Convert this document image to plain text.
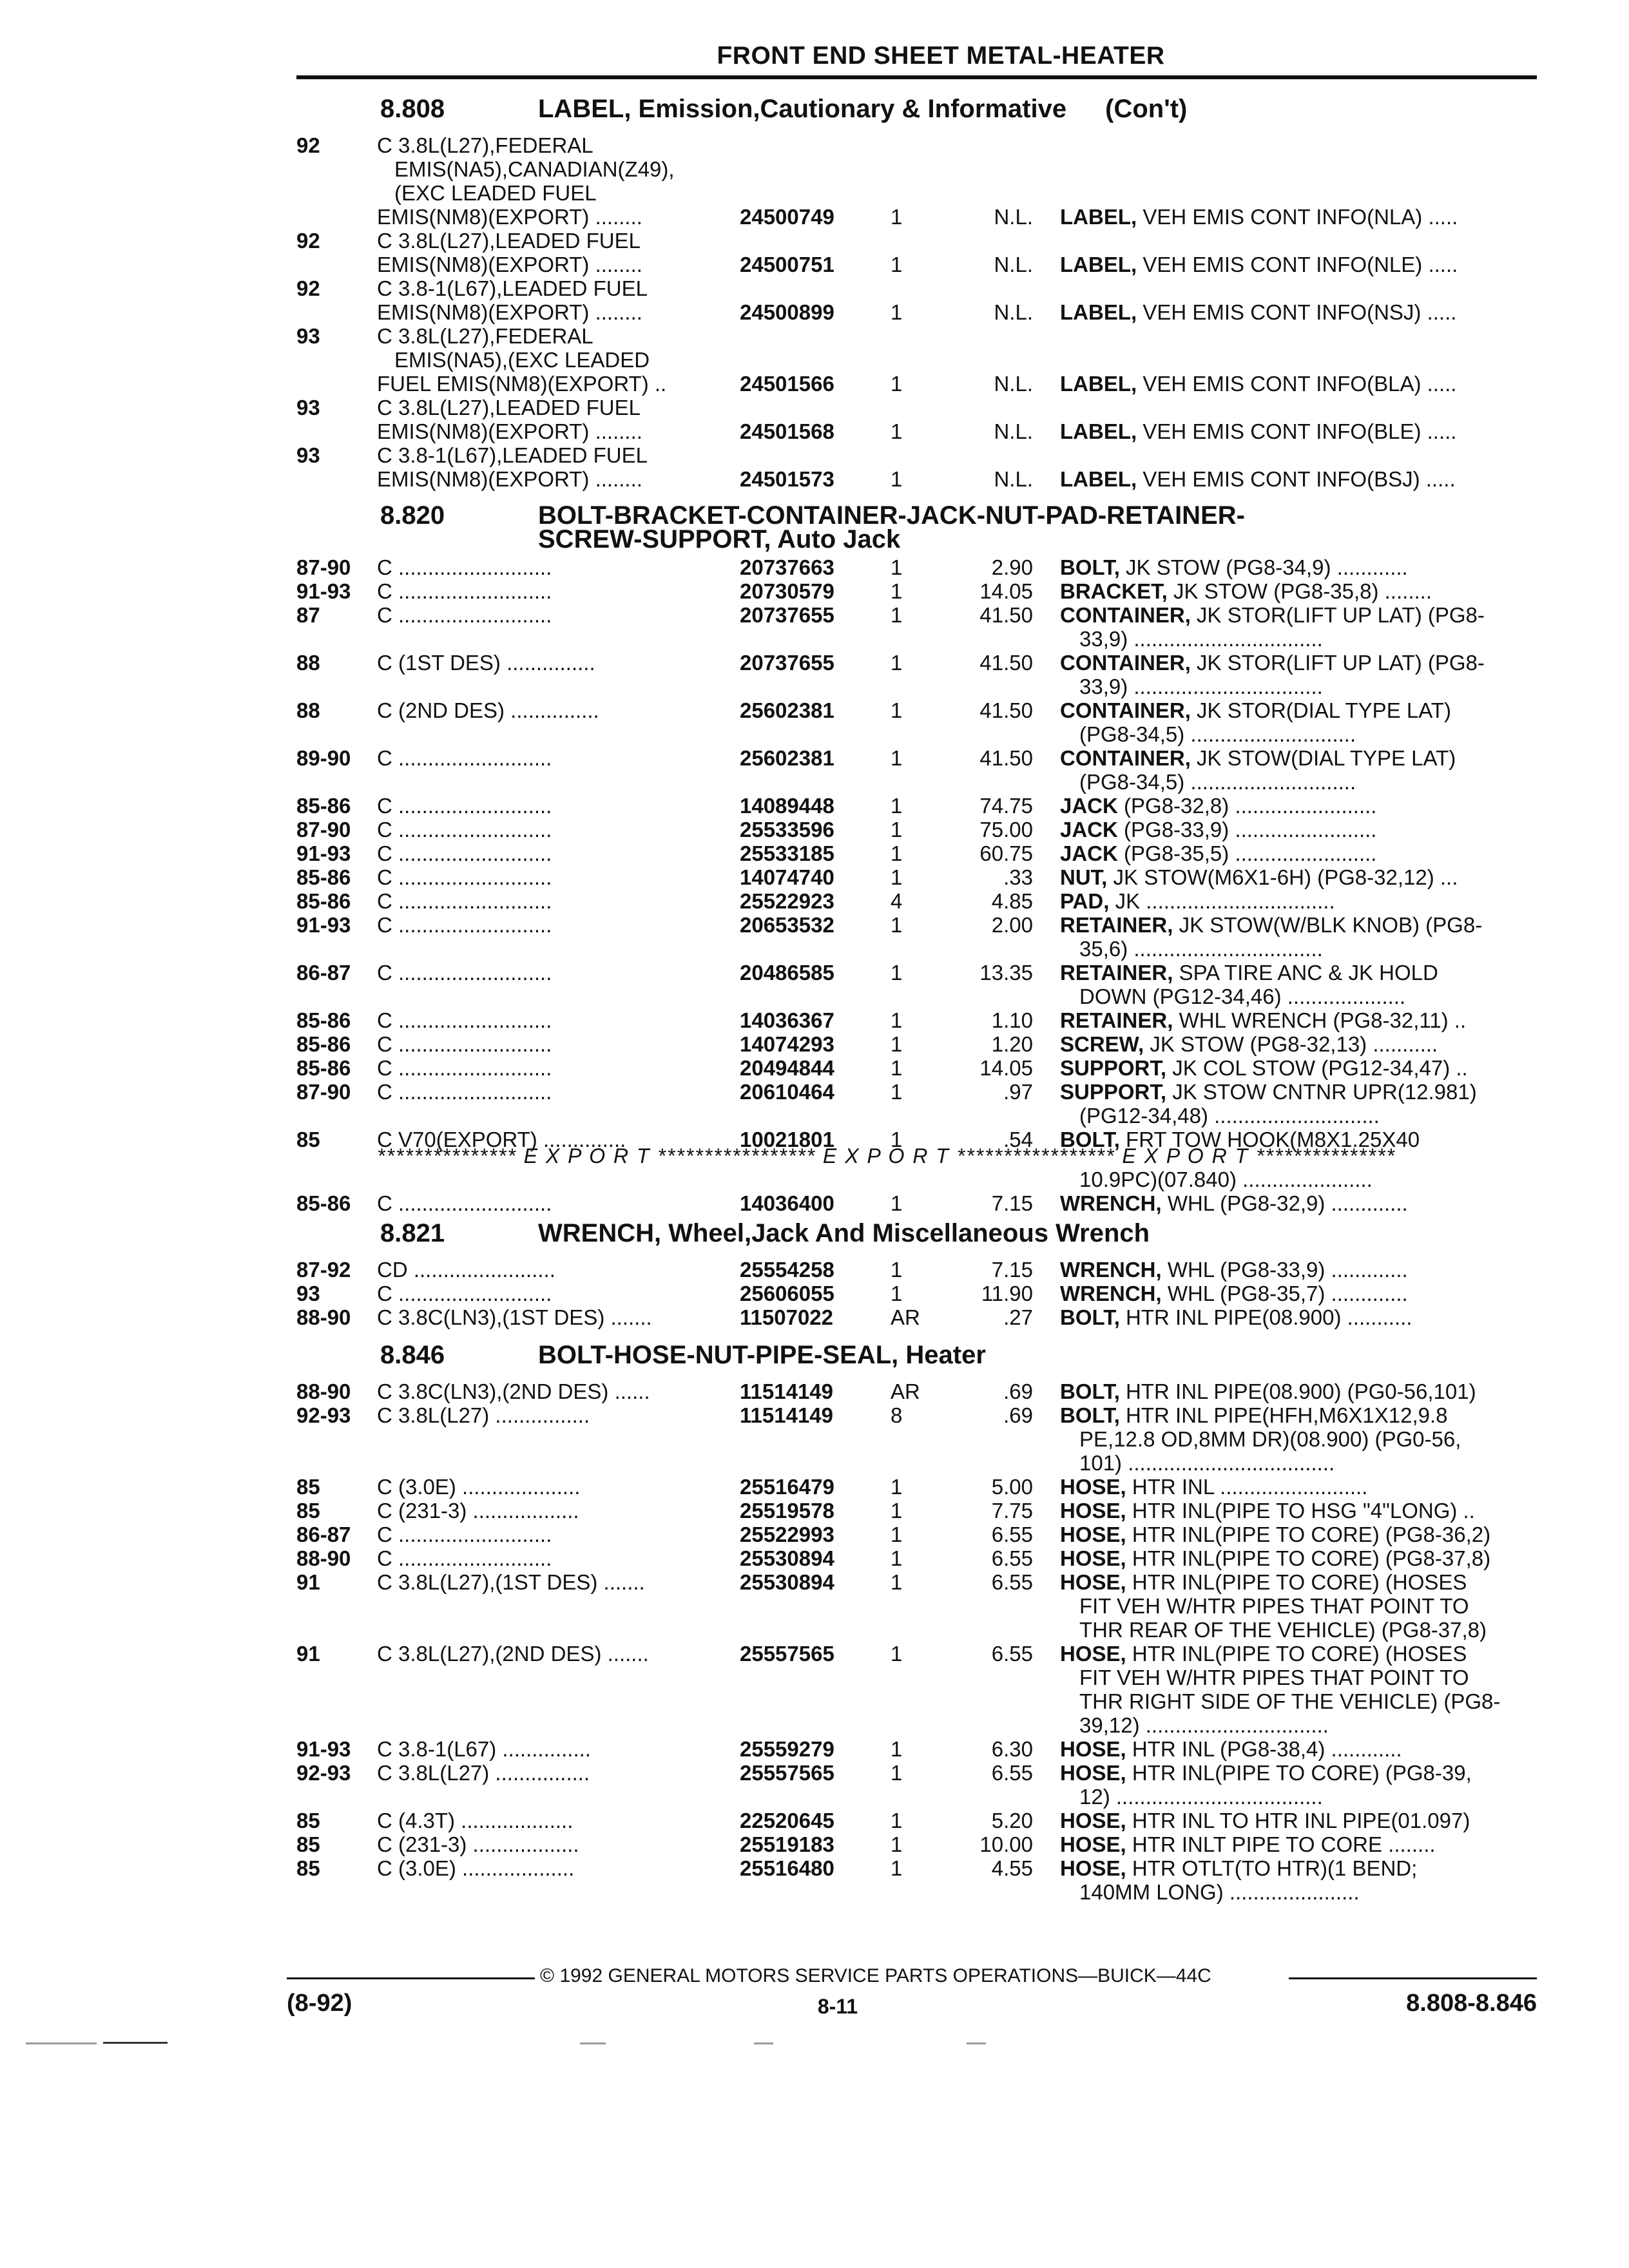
FRONT END SHEET METAL-HEATER
8.808	LABEL, Emission,Cautionary & Informative (Con't)
8.820	BOLT-BRACKET-CONTAINER-JACK-NUT-PAD-RETAINER-
SCREW-SUPPORT, Auto Jack
8.821	WRENCH, Wheel,Jack And Miscellaneous Wrench
8.846	BOLT-HOSE-NUT-PIPE-SEAL, Heater
*************** E X P O R T ***************** E X P O R T ***************** E X P O R T ***************
92	C 3.8L(L27),FEDERAL
EMIS(NA5),CANADIAN(Z49),
(EXC LEADED FUEL
EMIS(NM8)(EXPORT) ........	24500749	1	N.L. LABEL, VEH EMIS CONT INFO(NLA) .....
92	C 3.8L(L27),LEADED FUEL
EMIS(NM8)(EXPORT) ........	24500751	1	N.L. LABEL, VEH EMIS CONT INFO(NLE) .....
92	C 3.8-1(L67),LEADED FUEL
EMIS(NM8)(EXPORT) ........	24500899	1	N.L. LABEL, VEH EMIS CONT INFO(NSJ) .....
93	C 3.8L(L27),FEDERAL
EMIS(NA5),(EXC LEADED
FUEL EMIS(NM8)(EXPORT) ..	24501566	1	N.L. LABEL, VEH EMIS CONT INFO(BLA) .....
93	C 3.8L(L27),LEADED FUEL
EMIS(NM8)(EXPORT) ........	24501568	1	N.L. LABEL, VEH EMIS CONT INFO(BLE) .....
93	C 3.8-1(L67),LEADED FUEL
EMIS(NM8)(EXPORT) ........	24501573	1	N.L. LABEL, VEH EMIS CONT INFO(BSJ) .....
87-90 C ..........................	20737663	1	2.90 BOLT, JK STOW (PG8-34,9) ............
91-93 C ..........................	20730579	1	14.05 BRACKET, JK STOW (PG8-35,8) ........
87	C ..........................	20737655	1	41.50 CONTAINER, JK STOR(LIFT UP LAT) (PG8-
33,9) ................................
88	C (1ST DES) ...............	20737655	1	41.50 CONTAINER, JK STOR(LIFT UP LAT) (PG8-
33,9) ................................
88	C (2ND DES) ...............	25602381	1	41.50 CONTAINER, JK STOR(DIAL TYPE LAT)
(PG8-34,5) ............................
89-90 C ..........................	25602381	1	41.50 CONTAINER, JK STOW(DIAL TYPE LAT)
(PG8-34,5) ............................
85-86 C ..........................	14089448	1	74.75 JACK (PG8-32,8) ........................
87-90 C ..........................	25533596	1	75.00 JACK (PG8-33,9) ........................
91-93 C ..........................	25533185	1	60.75 JACK (PG8-35,5) ........................
85-86 C ..........................	14074740	1	.33 NUT, JK STOW(M6X1-6H) (PG8-32,12) ...
85-86 C ..........................	25522923	4	4.85 PAD, JK ................................
91-93 C ..........................	20653532	1	2.00 RETAINER, JK STOW(W/BLK KNOB) (PG8-
35,6) ................................
86-87 C ..........................	20486585	1	13.35 RETAINER, SPA TIRE ANC & JK HOLD
DOWN (PG12-34,46) ....................
85-86 C ..........................	14036367	1	1.10 RETAINER, WHL WRENCH (PG8-32,11) ..
85-86 C ..........................	14074293	1	1.20 SCREW, JK STOW (PG8-32,13) ...........
85-86 C ..........................	20494844	1	14.05 SUPPORT, JK COL STOW (PG12-34,47) ..
87-90 C ..........................	20610464	1	.97 SUPPORT, JK STOW CNTNR UPR(12.981)
(PG12-34,48) ............................
85	C V70(EXPORT) ..............	10021801	1	.54 BOLT, FRT TOW HOOK(M8X1.25X40
10.9PC)(07.840) ......................
85-86 C ..........................	14036400	1	7.15 WRENCH, WHL (PG8-32,9) .............
87-92 CD ........................	25554258	1	7.15 WRENCH, WHL (PG8-33,9) .............
93	C ..........................	25606055	1	11.90 WRENCH, WHL (PG8-35,7) .............
88-90 C 3.8C(LN3),(1ST DES) .......	11507022	AR	.27 BOLT, HTR INL PIPE(08.900) ...........
88-90 C 3.8C(LN3),(2ND DES) ......	11514149	AR	.69 BOLT, HTR INL PIPE(08.900) (PG0-56,101)
92-93 C 3.8L(L27) ................	11514149	8	.69 BOLT, HTR INL PIPE(HFH,M6X1X12,9.8
PE,12.8 OD,8MM DR)(08.900) (PG0-56,
101) ...................................
85	C (3.0E) ....................	25516479	1	5.00 HOSE, HTR INL .........................
85	C (231-3) ..................	25519578	1	7.75 HOSE, HTR INL(PIPE TO HSG "4"LONG) ..
86-87 C ..........................	25522993	1	6.55 HOSE, HTR INL(PIPE TO CORE) (PG8-36,2)
88-90 C ..........................	25530894	1	6.55 HOSE, HTR INL(PIPE TO CORE) (PG8-37,8)
91	C 3.8L(L27),(1ST DES) .......	25530894	1	6.55 HOSE, HTR INL(PIPE TO CORE) (HOSES
FIT VEH W/HTR PIPES THAT POINT TO
THR REAR OF THE VEHICLE) (PG8-37,8)
91	C 3.8L(L27),(2ND DES) .......	25557565	1	6.55 HOSE, HTR INL(PIPE TO CORE) (HOSES
FIT VEH W/HTR PIPES THAT POINT TO
THR RIGHT SIDE OF THE VEHICLE) (PG8-
39,12) ...............................
91-93 C 3.8-1(L67) ...............	25559279	1	6.30 HOSE, HTR INL (PG8-38,4) ............
92-93 C 3.8L(L27) ................	25557565	1	6.55 HOSE, HTR INL(PIPE TO CORE) (PG8-39,
12) ...................................
85	C (4.3T) ...................	22520645	1	5.20 HOSE, HTR INL TO HTR INL PIPE(01.097)
85	C (231-3) ..................	25519183	1	10.00 HOSE, HTR INLT PIPE TO CORE ........
85	C (3.0E) ...................	25516480	1	4.55 HOSE, HTR OTLT(TO HTR)(1 BEND;
140MM LONG) ......................
© 1992 GENERAL MOTORS SERVICE PARTS OPERATIONS—BUICK—44C
(8-92)	8-11	8.808-8.846
